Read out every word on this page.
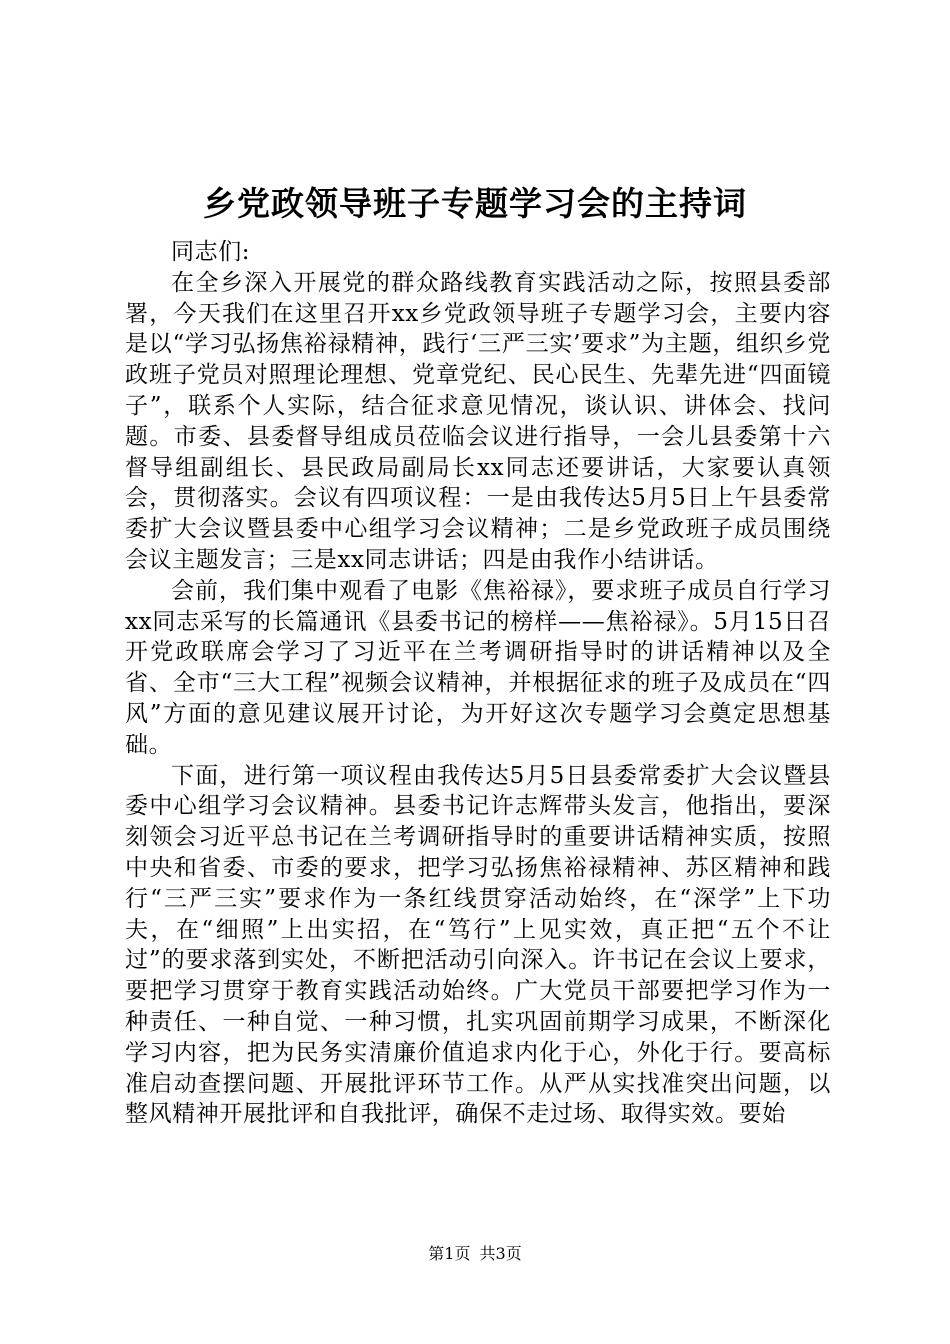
乡党政领导班子专题学习会的主持词

同志们:

在全乡深入开展党的群众路线教育实践活动之际，按照县委部署，今天我们在这里召开xx乡党政领导班子专题学习会，主要内容是以“学习弘扬焦裕禄精神，践行‘三严三实’要求”为主题，组织乡党政班子党员对照理论理想、党章党纪、民心民生、先辈先进“四面镜子”，联系个人实际，结合征求意见情况，谈认识、讲体会、找问题。市委、县委督导组成员莅临会议进行指导，一会儿县委第十六督导组副组长、县民政局副局长xx同志还要讲话，大家要认真领会，贯彻落实。会议有四项议程：一是由我传达5月5日上午县委常委扩大会议暨县委中心组学习会议精神；二是乡党政班子成员围绕会议主题发言；三是xx同志讲话；四是由我作小结讲话。

会前，我们集中观看了电影《焦裕禄》，要求班子成员自行学习xx同志采写的长篇通讯《县委书记的榜样——焦裕禄》。5月15日召开党政联席会学习了习近平在兰考调研指导时的讲话精神以及全省、全市“三大工程”视频会议精神，并根据征求的班子及成员在“四风”方面的意见建议展开讨论，为开好这次专题学习会奠定思想基础。

下面，进行第一项议程由我传达5月5日县委常委扩大会议暨县委中心组学习会议精神。县委书记许志辉带头发言，他指出，要深刻领会习近平总书记在兰考调研指导时的重要讲话精神实质，按照中央和省委、市委的要求，把学习弘扬焦裕禄精神、苏区精神和践行“三严三实”要求作为一条红线贯穿活动始终，在“深学”上下功夫，在“细照”上出实招，在“笃行”上见实效，真正把“五个不让过”的要求落到实处，不断把活动引向深入。许书记在会议上要求，要把学习贯穿于教育实践活动始终。广大党员干部要把学习作为一种责任、一种自觉、一种习惯，扎实巩固前期学习成果，不断深化学习内容，把为民务实清廉价值追求内化于心，外化于行。要高标准启动查摆问题、开展批评环节工作。从严从实找准突出问题，以整风精神开展批评和自我批评，确保不走过场、取得实效。要始

第1页 共3页
